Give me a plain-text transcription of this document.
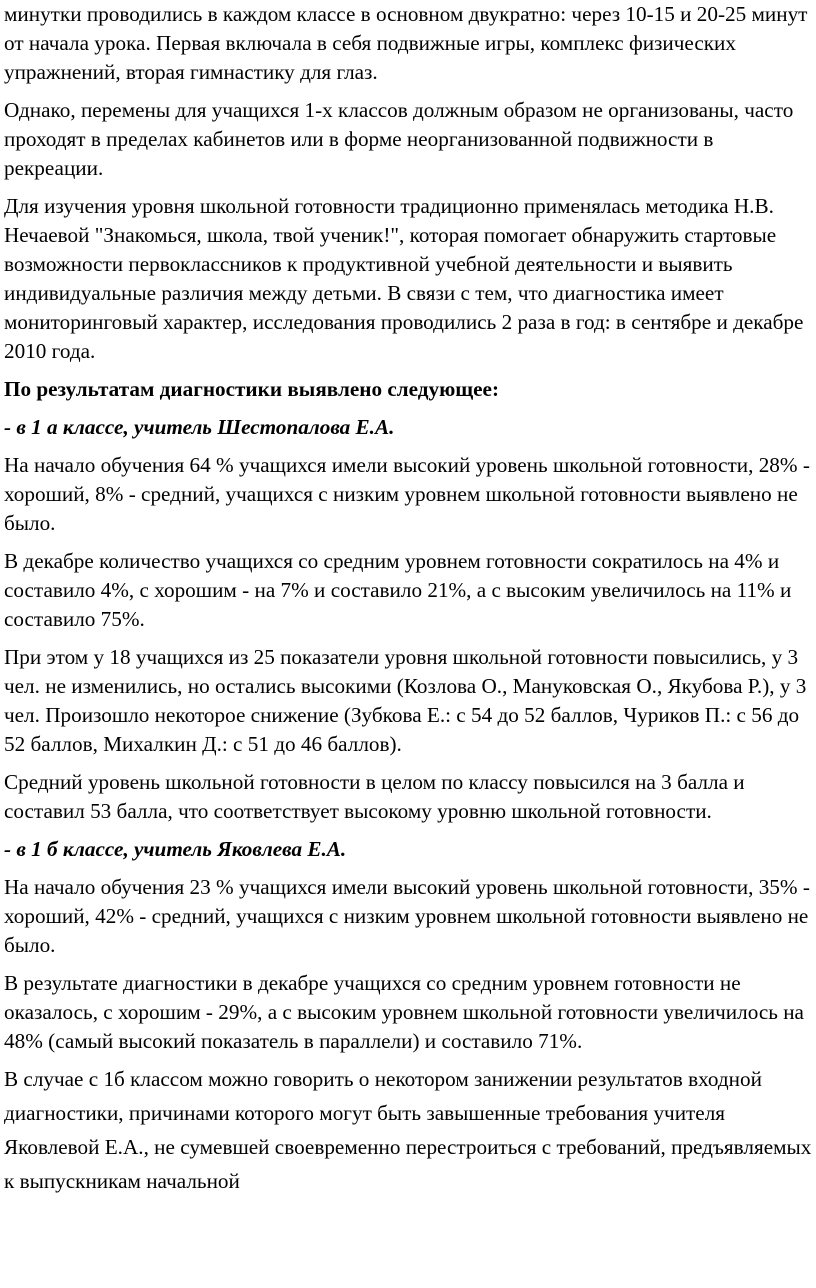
минутки проводились в каждом классе в основном двукратно: через 10-15 и 20-25 минут от начала урока. Первая включала в себя подвижные игры, комплекс физических упражнений, вторая гимнастику для глаз.

Однако, перемены для учащихся 1-х классов должным образом не организованы, часто проходят в пределах кабинетов или в форме неорганизованной подвижности в рекреации.

Для изучения уровня школьной готовности традиционно применялась методика Н.В. Нечаевой "Знакомься, школа, твой ученик!", которая помогает обнаружить стартовые возможности первоклассников к продуктивной учебной деятельности и выявить индивидуальные различия между детьми. В связи с тем, что диагностика имеет мониторинговый характер, исследования проводились 2 раза в год: в сентябре и декабре 2010 года.

По результатам диагностики выявлено следующее:

- в 1 а классе, учитель Шестопалова Е.А.

На начало обучения 64 % учащихся имели высокий уровень школьной готовности, 28% - хороший, 8% - средний, учащихся с низким уровнем школьной готовности выявлено не было.

В декабре количество учащихся со средним уровнем готовности сократилось на 4% и составило 4%, с хорошим - на 7% и составило 21%, а с высоким увеличилось на 11% и составило 75%.

При этом у 18 учащихся из 25 показатели уровня школьной готовности повысились, у 3 чел. не изменились, но остались высокими (Козлова О., Мануковская О., Якубова Р.), у 3 чел. Произошло некоторое снижение (Зубкова Е.: с 54 до 52 баллов, Чуриков П.: с 56 до 52 баллов, Михалкин Д.: с 51 до 46 баллов).

Средний уровень школьной готовности в целом по классу повысился на 3 балла и составил 53 балла, что соответствует высокому уровню школьной готовности.

- в 1 б классе, учитель Яковлева Е.А.

На начало обучения 23 % учащихся имели высокий уровень школьной готовности, 35% - хороший, 42% - средний, учащихся с низким уровнем школьной готовности выявлено не было.

В результате диагностики в декабре учащихся со средним уровнем готовности не оказалось, с хорошим - 29%, а с высоким уровнем школьной готовности увеличилось на 48% (самый высокий показатель в параллели) и составило 71%.

В случае с 1б классом можно говорить о некотором занижении результатов входной диагностики, причинами которого могут быть завышенные требования учителя Яковлевой Е.А., не сумевшей своевременно перестроиться с требований, предъявляемых к выпускникам начальной
